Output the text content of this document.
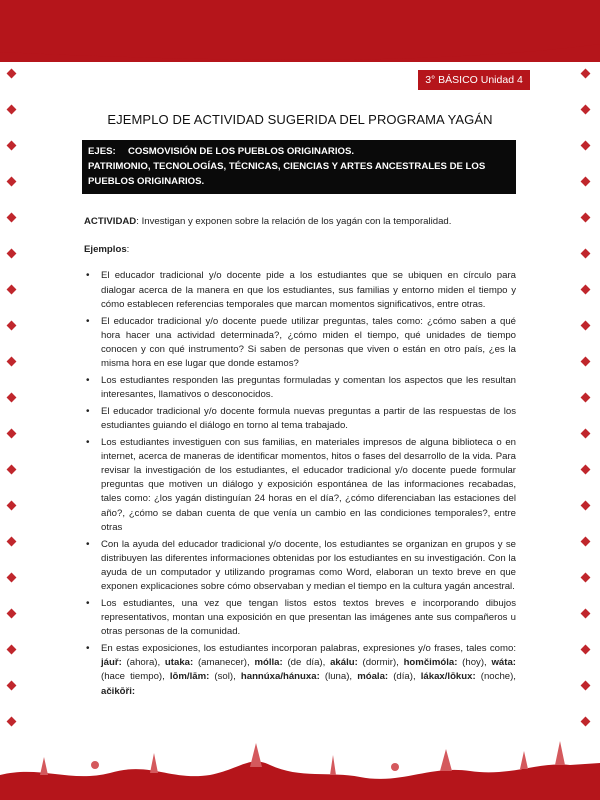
3° BÁSICO Unidad 4
EJEMPLO DE ACTIVIDAD SUGERIDA DEL PROGRAMA YAGÁN
EJES: COSMOVISIÓN DE LOS PUEBLOS ORIGINARIOS.
PATRIMONIO, TECNOLOGÍAS, TÉCNICAS, CIENCIAS Y ARTES ANCESTRALES DE LOS PUEBLOS ORIGINARIOS.

ACTIVIDAD: Investigan y exponen sobre la relación de los yagán con la temporalidad.

Ejemplos:

• El educador tradicional y/o docente pide a los estudiantes que se ubiquen en círculo para dialogar acerca de la manera en que los estudiantes, sus familias y entorno miden el tiempo y cómo establecen referencias temporales que marcan momentos significativos, entre otras.
• El educador tradicional y/o docente puede utilizar preguntas, tales como: ¿cómo saben a qué hora hacer una actividad determinada?, ¿cómo miden el tiempo, qué unidades de tiempo conocen y con qué instrumento? Si saben de personas que viven o están en otro país, ¿es la misma hora en ese lugar que donde estamos?
• Los estudiantes responden las preguntas formuladas y comentan los aspectos que les resultan interesantes, llamativos o desconocidos.
• El educador tradicional y/o docente formula nuevas preguntas a partir de las respuestas de los estudiantes guiando el diálogo en torno al tema trabajado.
• Los estudiantes investiguen con sus familias, en materiales impresos de alguna biblioteca o en internet, acerca de maneras de identificar momentos, hitos o fases del desarrollo de la vida. Para revisar la investigación de los estudiantes, el educador tradicional y/o docente puede formular preguntas que motiven un diálogo y exposición espontánea de las informaciones recabadas, tales como: ¿los yagán distinguían 24 horas en el día?, ¿cómo diferenciaban las estaciones del año?, ¿cómo se daban cuenta de que venía un cambio en las condiciones temporales?, entre otras
• Con la ayuda del educador tradicional y/o docente, los estudiantes se organizan en grupos y se distribuyen las diferentes informaciones obtenidas por los estudiantes en su investigación. Con la ayuda de un computador y utilizando programas como Word, elaboran un texto breve en que exponen explicaciones sobre cómo observaban y median el tiempo en la cultura yagán ancestral.
• Los estudiantes, una vez que tengan listos estos textos breves e incorporando dibujos representativos, montan una exposición en que presentan las imágenes ante sus compañeros u otras personas de la comunidad.
• En estas exposiciones, los estudiantes incorporan palabras, expresiones y/o frases, tales como: jáuř: (ahora), utaka: (amanecer), mólla: (de día), akálu: (dormir), homčimóla: (hoy), wáta: (hace tiempo), lōm/lām: (sol), hannúxa/hánuxa: (luna), móala: (día), lákax/lōkux: (noche), ačikōři:
